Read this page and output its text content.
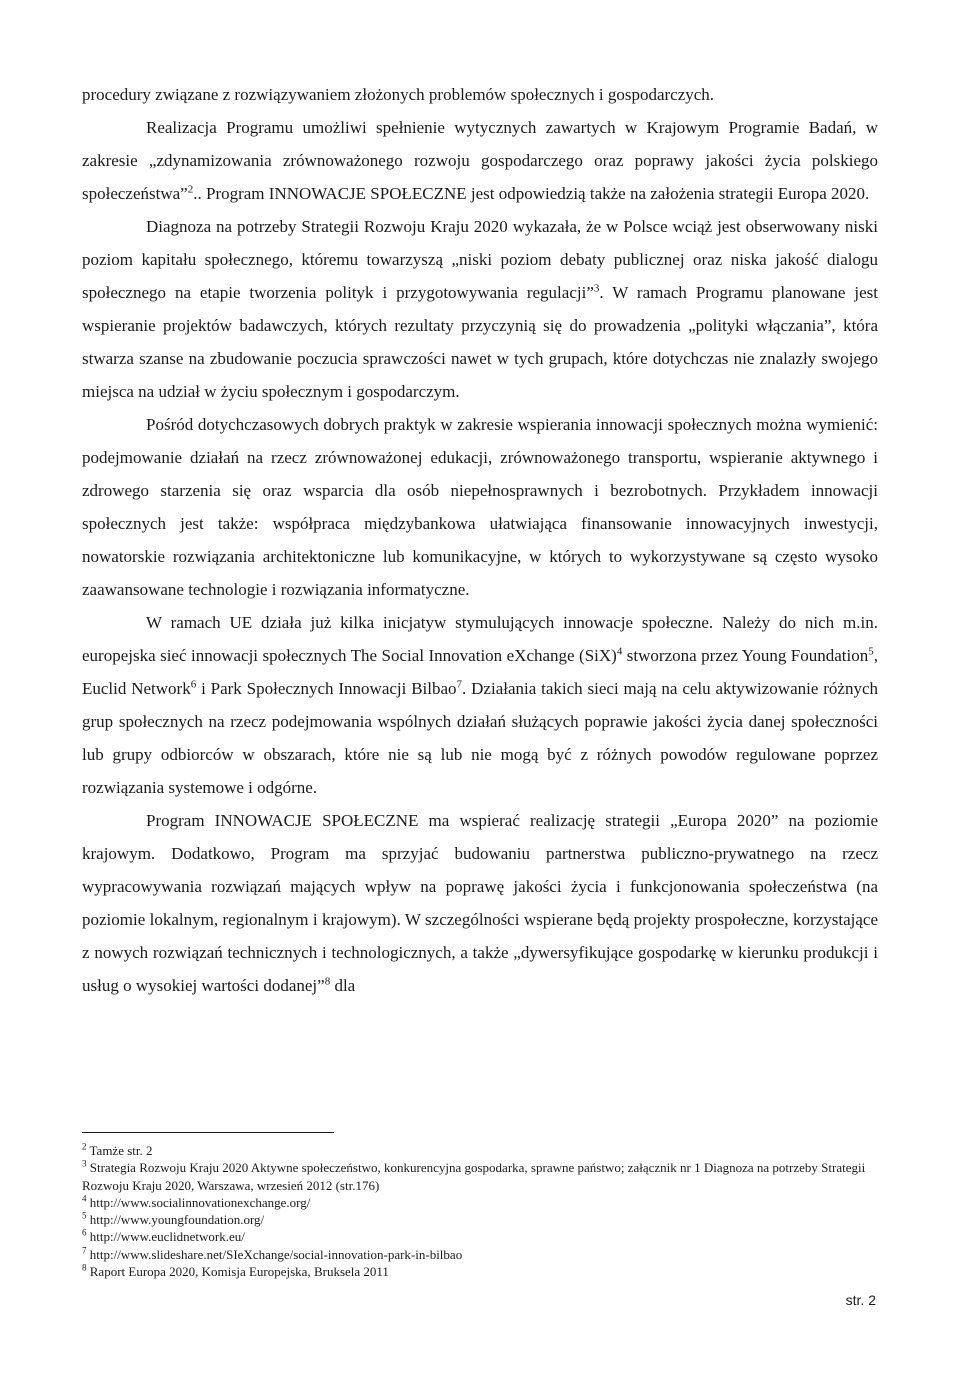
procedury związane z rozwiązywaniem złożonych problemów społecznych i gospodarczych.

Realizacja Programu umożliwi spełnienie wytycznych zawartych w Krajowym Programie Badań, w zakresie „zdynamizowania zrównoważonego rozwoju gospodarczego oraz poprawy jakości życia polskiego społeczeństwa”$^2$.. Program INNOWACJE SPOŁECZNE jest odpowiedzią także na założenia strategii Europa 2020.

Diagnoza na potrzeby Strategii Rozwoju Kraju 2020 wykazała, że w Polsce wciąż jest obserwowany niski poziom kapitału społecznego, któremu towarzyszą „niski poziom debaty publicznej oraz niska jakość dialogu społecznego na etapie tworzenia polityk i przygotowywania regulacji”$^3$. W ramach Programu planowane jest wspieranie projektów badawczych, których rezultaty przyczynią się do prowadzenia „polityki włączania”, która stwarza szanse na zbudowanie poczucia sprawczości nawet w tych grupach, które dotychczas nie znalazły swojego miejsca na udział w życiu społecznym i gospodarczym.

Pośród dotychczasowych dobrych praktyk w zakresie wspierania innowacji społecznych można wymienić: podejmowanie działań na rzecz zrównoważonej edukacji, zrównoważonego transportu, wspieranie aktywnego i zdrowego starzenia się oraz wsparcia dla osób niepełnosprawnych i bezrobotnych. Przykładem innowacji społecznych jest także: współpraca międzybankowa ułatwiająca finansowanie innowacyjnych inwestycji, nowatorskie rozwiązania architektoniczne lub komunikacyjne, w których to wykorzystywane są często wysoko zaawansowane technologie i rozwiązania informatyczne.

W ramach UE działa już kilka inicjatyw stymulujących innowacje społeczne. Należy do nich m.in. europejska sieć innowacji społecznych The Social Innovation eXchange (SiX)$^4$ stworzona przez Young Foundation$^5$, Euclid Network$^6$ i Park Społecznych Innowacji Bilbao$^7$. Działania takich sieci mają na celu aktywizowanie różnych grup społecznych na rzecz podejmowania wspólnych działań służących poprawie jakości życia danej społeczności lub grupy odbiorców w obszarach, które nie są lub nie mogą być z różnych powodów regulowane poprzez rozwiązania systemowe i odgórne.

Program INNOWACJE SPOŁECZNE ma wspierać realizację strategii „Europa 2020” na poziomie krajowym. Dodatkowo, Program ma sprzyjać budowaniu partnerstwa publiczno-prywatnego na rzecz wypracowywania rozwiązań mających wpływ na poprawę jakości życia i funkcjonowania społeczeństwa (na poziomie lokalnym, regionalnym i krajowym). W szczególności wspierane będą projekty prospołeczne, korzystające z nowych rozwiązań technicznych i technologicznych, a także „dywersyfikujące gospodarkę w kierunku produkcji i usług o wysokiej wartości dodanej”$^8$ dla

$^2$ Tamże str. 2

$^3$ Strategia Rozwoju Kraju 2020 Aktywne społeczeństwo, konkurencyjna gospodarka, sprawne państwo; załącznik nr 1 Diagnoza na potrzeby Strategii Rozwoju Kraju 2020, Warszawa, wrzesień 2012 (str.176)

$^4$ http://www.socialinnovationexchange.org/

$^5$ http://www.youngfoundation.org/

$^6$ http://www.euclidnetwork.eu/

$^7$ http://www.slideshare.net/SIeXchange/social-innovation-park-in-bilbao

$^8$ Raport Europa 2020, Komisja Europejska, Bruksela 2011

str. 2
